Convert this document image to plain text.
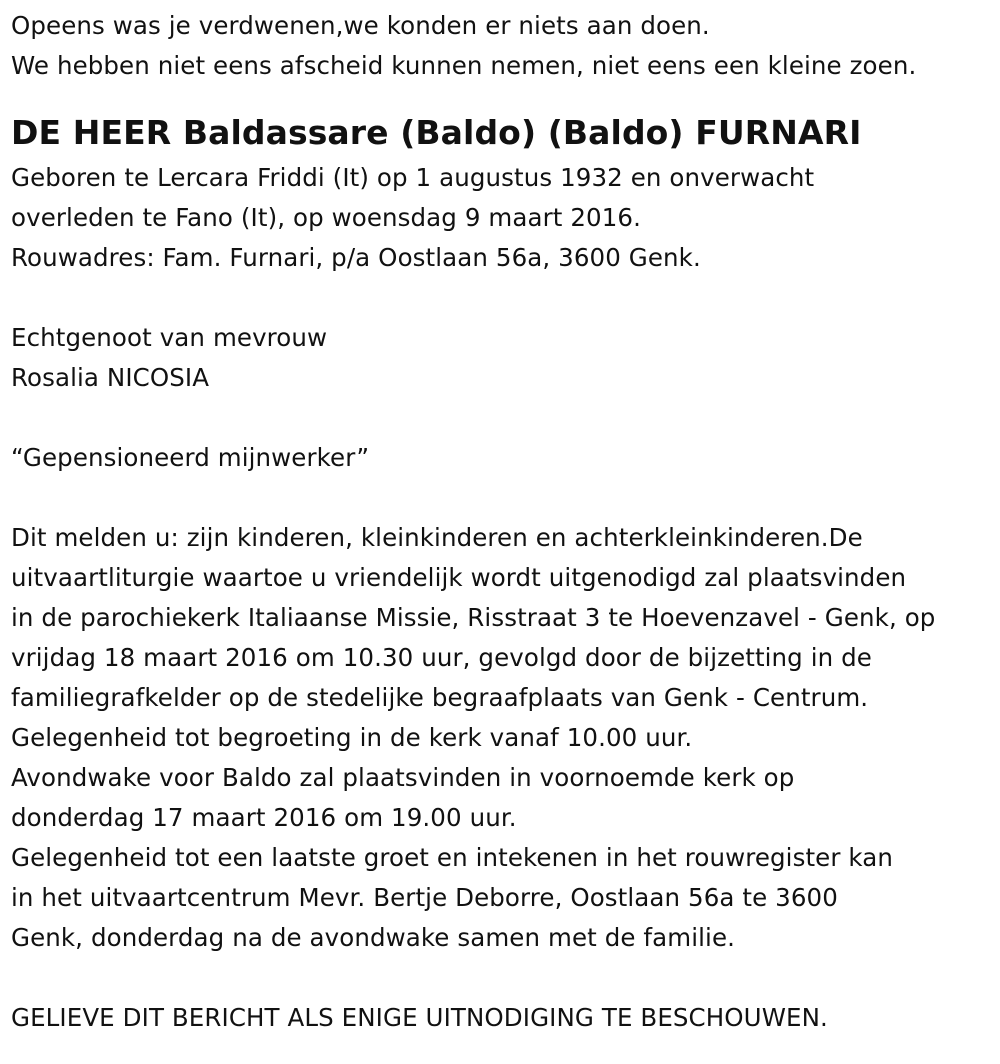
Opeens was je verdwenen,we konden er niets aan doen.
We hebben niet eens afscheid kunnen nemen, niet eens een kleine zoen.
DE HEER Baldassare (Baldo) (Baldo) FURNARI
Geboren te Lercara Friddi (It) op 1 augustus 1932 en onverwacht
overleden te Fano (It), op woensdag 9 maart 2016.
Rouwadres: Fam. Furnari, p/a Oostlaan 56a, 3600 Genk.
Echtgenoot van mevrouw
Rosalia NICOSIA
“Gepensioneerd mijnwerker”
Dit melden u: zijn kinderen, kleinkinderen en achterkleinkinderen.De
uitvaartliturgie waartoe u vriendelijk wordt uitgenodigd zal plaatsvinden
in de parochiekerk Italiaanse Missie, Risstraat 3 te Hoevenzavel - Genk, op
vrijdag 18 maart 2016 om 10.30 uur, gevolgd door de bijzetting in de
familiegrafkelder op de stedelijke begraafplaats van Genk - Centrum.
Gelegenheid tot begroeting in de kerk vanaf 10.00 uur.
Avondwake voor Baldo zal plaatsvinden in voornoemde kerk op
donderdag 17 maart 2016 om 19.00 uur.
Gelegenheid tot een laatste groet en intekenen in het rouwregister kan
in het uitvaartcentrum Mevr. Bertje Deborre, Oostlaan 56a te 3600
Genk, donderdag na de avondwake samen met de familie.
GELIEVE DIT BERICHT ALS ENIGE UITNODIGING TE BESCHOUWEN.
